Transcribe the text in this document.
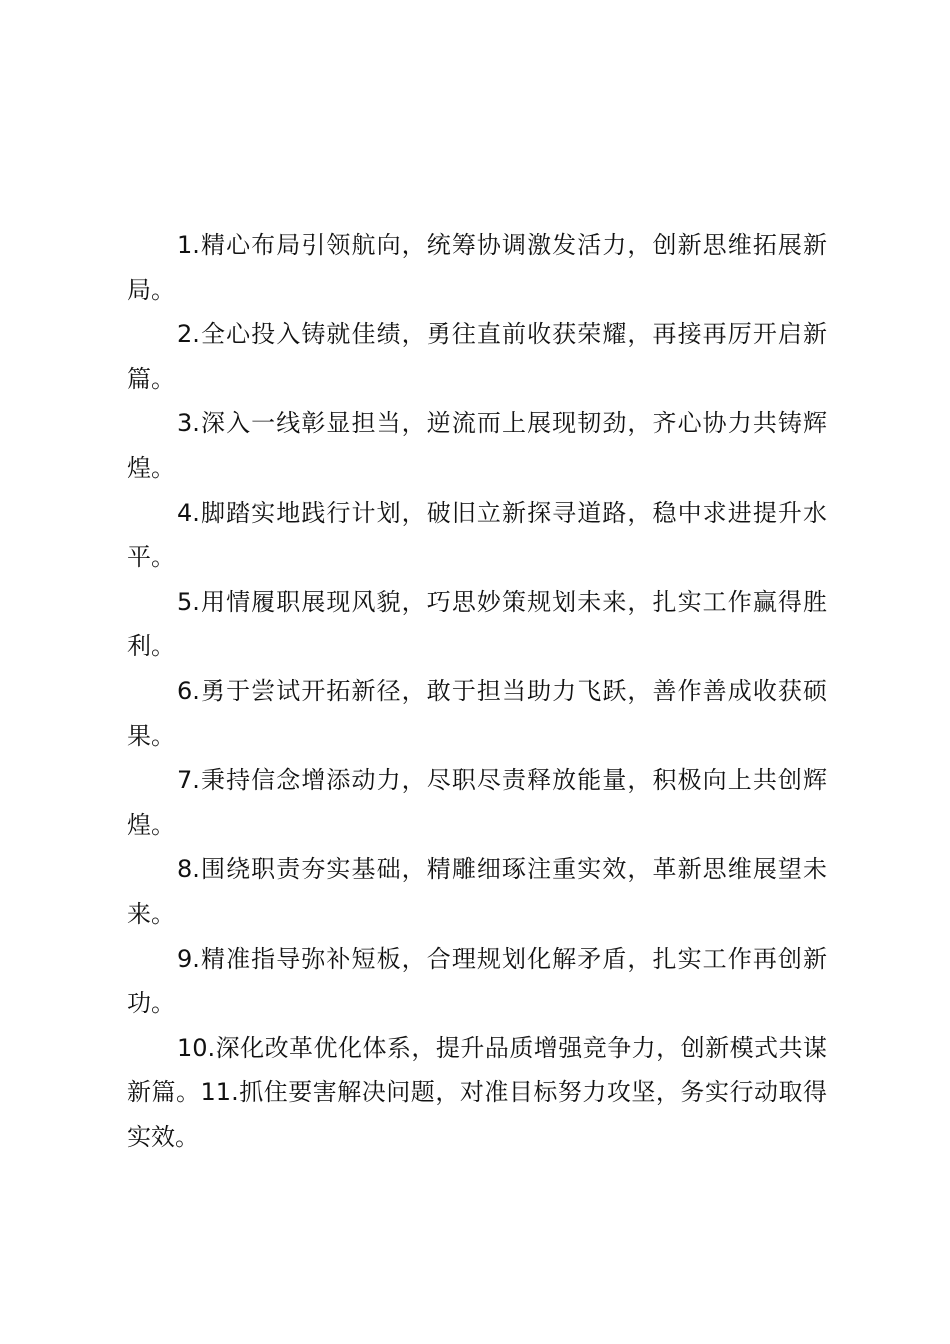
1.精心布局引领航向，统筹协调激发活力，创新思维拓展新局。

2.全心投入铸就佳绩，勇往直前收获荣耀，再接再厉开启新篇。

3.深入一线彰显担当，逆流而上展现韧劲，齐心协力共铸辉煌。

4.脚踏实地践行计划，破旧立新探寻道路，稳中求进提升水平。

5.用情履职展现风貌，巧思妙策规划未来，扎实工作赢得胜利。

6.勇于尝试开拓新径，敢于担当助力飞跃，善作善成收获硕果。

7.秉持信念增添动力，尽职尽责释放能量，积极向上共创辉煌。

8.围绕职责夯实基础，精雕细琢注重实效，革新思维展望未来。

9.精准指导弥补短板，合理规划化解矛盾，扎实工作再创新功。

10.深化改革优化体系，提升品质增强竞争力，创新模式共谋新篇。11.抓住要害解决问题，对准目标努力攻坚，务实行动取得实效。
